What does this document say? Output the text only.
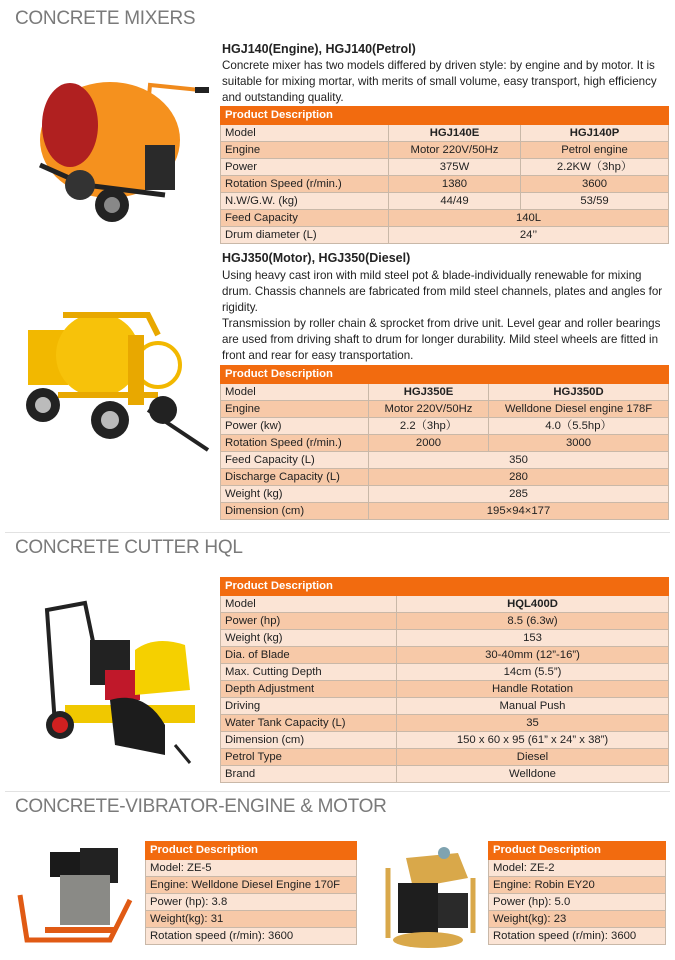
CONCRETE MIXERS
HGJ140(Engine), HGJ140(Petrol)

Concrete mixer has two models differed by driven style: by engine and by motor. It is suitable for mixing mortar, with merits of small volume, easy transport, high efficiency and outstanding quality.

Product Description		
Model	HGJ140E	HGJ140P
Engine	Motor 220V/50Hz	Petrol engine
Power	375W	2.2KW（3hp）
Rotation Speed (r/min.)	1380	3600
N.W/G.W. (kg)	44/49	53/59
Feed Capacity	140L	
Drum diameter (L)	24’’	
HGJ350(Motor), HGJ350(Diesel)

Using heavy cast iron with mild steel pot & blade-individually renewable for mixing drum. Chassis channels are fabricated from mild steel channels, plates and angles for rigidity.

Transmission by roller chain & sprocket from drive unit. Level gear and roller bearings are used from driving shaft to drum for longer durability. Mild steel wheels are fitted in front and rear for easy transportation.

Product Description		
Model	HGJ350E	HGJ350D
Engine	Motor 220V/50Hz	Welldone Diesel engine 178F
Power (kw)	2.2（3hp）	4.0（5.5hp）
Rotation Speed (r/min.)	2000	3000
Feed Capacity (L)	350	
Discharge Capacity (L)	280	
Weight (kg)	285	
Dimension (cm)	195×94×177	
CONCRETE CUTTER HQL
Product Description	
Model	HQL400D
Power (hp)	8.5 (6.3w)
Weight (kg)	153
Dia. of Blade	30-40mm (12”-16”)
Max. Cutting Depth	14cm (5.5”)
Depth Adjustment	Handle Rotation
Driving	Manual Push
Water Tank Capacity (L)	35
Dimension (cm)	150 x 60 x 95 (61” x 24” x 38”)
Petrol Type	Diesel
Brand	Welldone
CONCRETE-VIBRATOR-ENGINE & MOTOR
Product Description
Model: ZE-5
Engine: Welldone Diesel Engine 170F
Power (hp): 3.8
Weight(kg): 31
Rotation speed (r/min): 3600
Product Description
Model: ZE-2
Engine: Robin EY20
Power (hp): 5.0
Weight(kg): 23
Rotation speed (r/min): 3600
